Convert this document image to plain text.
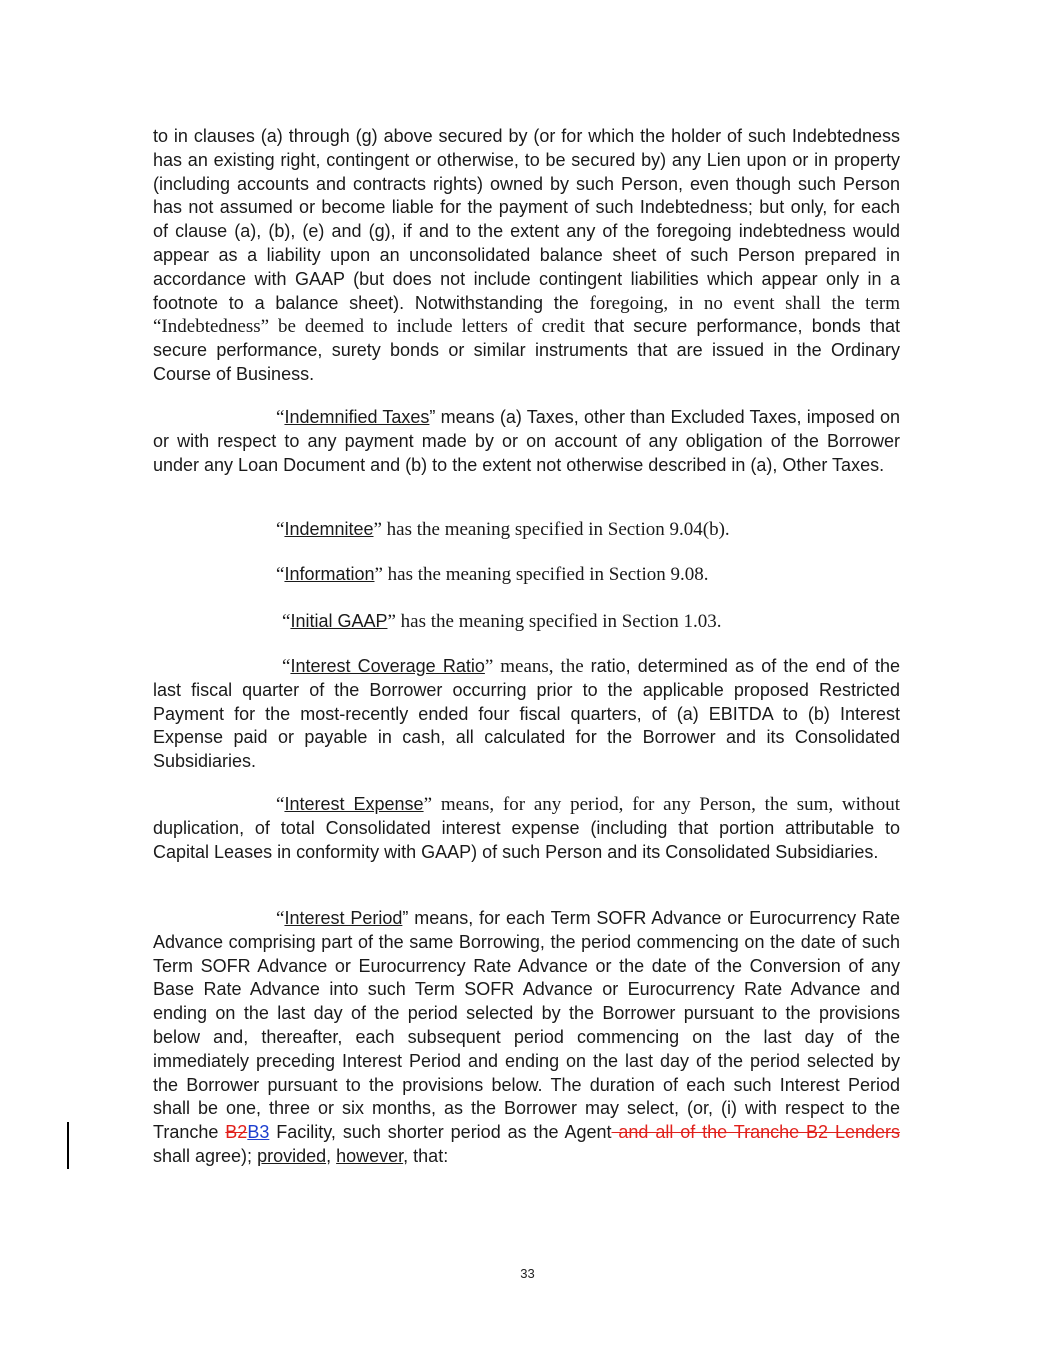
to in clauses (a) through (g) above secured by (or for which the holder of such Indebtedness has an existing right, contingent or otherwise, to be secured by) any Lien upon or in property (including accounts and contracts rights) owned by such Person, even though such Person has not assumed or become liable for the payment of such Indebtedness; but only, for each of clause (a), (b), (e) and (g), if and to the extent any of the foregoing indebtedness would appear as a liability upon an unconsolidated balance sheet of such Person prepared in accordance with GAAP (but does not include contingent liabilities which appear only in a footnote to a balance sheet). Notwithstanding the foregoing, in no event shall the term “Indebtedness” be deemed to include letters of credit that secure performance, bonds that secure performance, surety bonds or similar instruments that are issued in the Ordinary Course of Business.

“Indemnified Taxes” means (a) Taxes, other than Excluded Taxes, imposed on or with respect to any payment made by or on account of any obligation of the Borrower under any Loan Document and (b) to the extent not otherwise described in (a), Other Taxes.

“Indemnitee” has the meaning specified in Section 9.04(b).
“Information” has the meaning specified in Section 9.08.
“Initial GAAP” has the meaning specified in Section 1.03.

“Interest Coverage Ratio” means, the ratio, determined as of the end of the last fiscal quarter of the Borrower occurring prior to the applicable proposed Restricted Payment for the most-recently ended four fiscal quarters, of (a) EBITDA to (b) Interest Expense paid or payable in cash, all calculated for the Borrower and its Consolidated Subsidiaries.

“Interest Expense” means, for any period, for any Person, the sum, without duplication, of total Consolidated interest expense (including that portion attributable to Capital Leases in conformity with GAAP) of such Person and its Consolidated Subsidiaries.

“Interest Period” means, for each Term SOFR Advance or Eurocurrency Rate Advance comprising part of the same Borrowing, the period commencing on the date of such Term SOFR Advance or Eurocurrency Rate Advance or the date of the Conversion of any Base Rate Advance into such Term SOFR Advance or Eurocurrency Rate Advance and ending on the last day of the period selected by the Borrower pursuant to the provisions below and, thereafter, each subsequent period commencing on the last day of the immediately preceding Interest Period and ending on the last day of the period selected by the Borrower pursuant to the provisions below. The duration of each such Interest Period shall be one, three or six months, as the Borrower may select, (or, (i) with respect to the Tranche B2B3 Facility, such shorter period as the Agent and all of the Tranche B2 Lenders shall agree); provided, however, that:

33
